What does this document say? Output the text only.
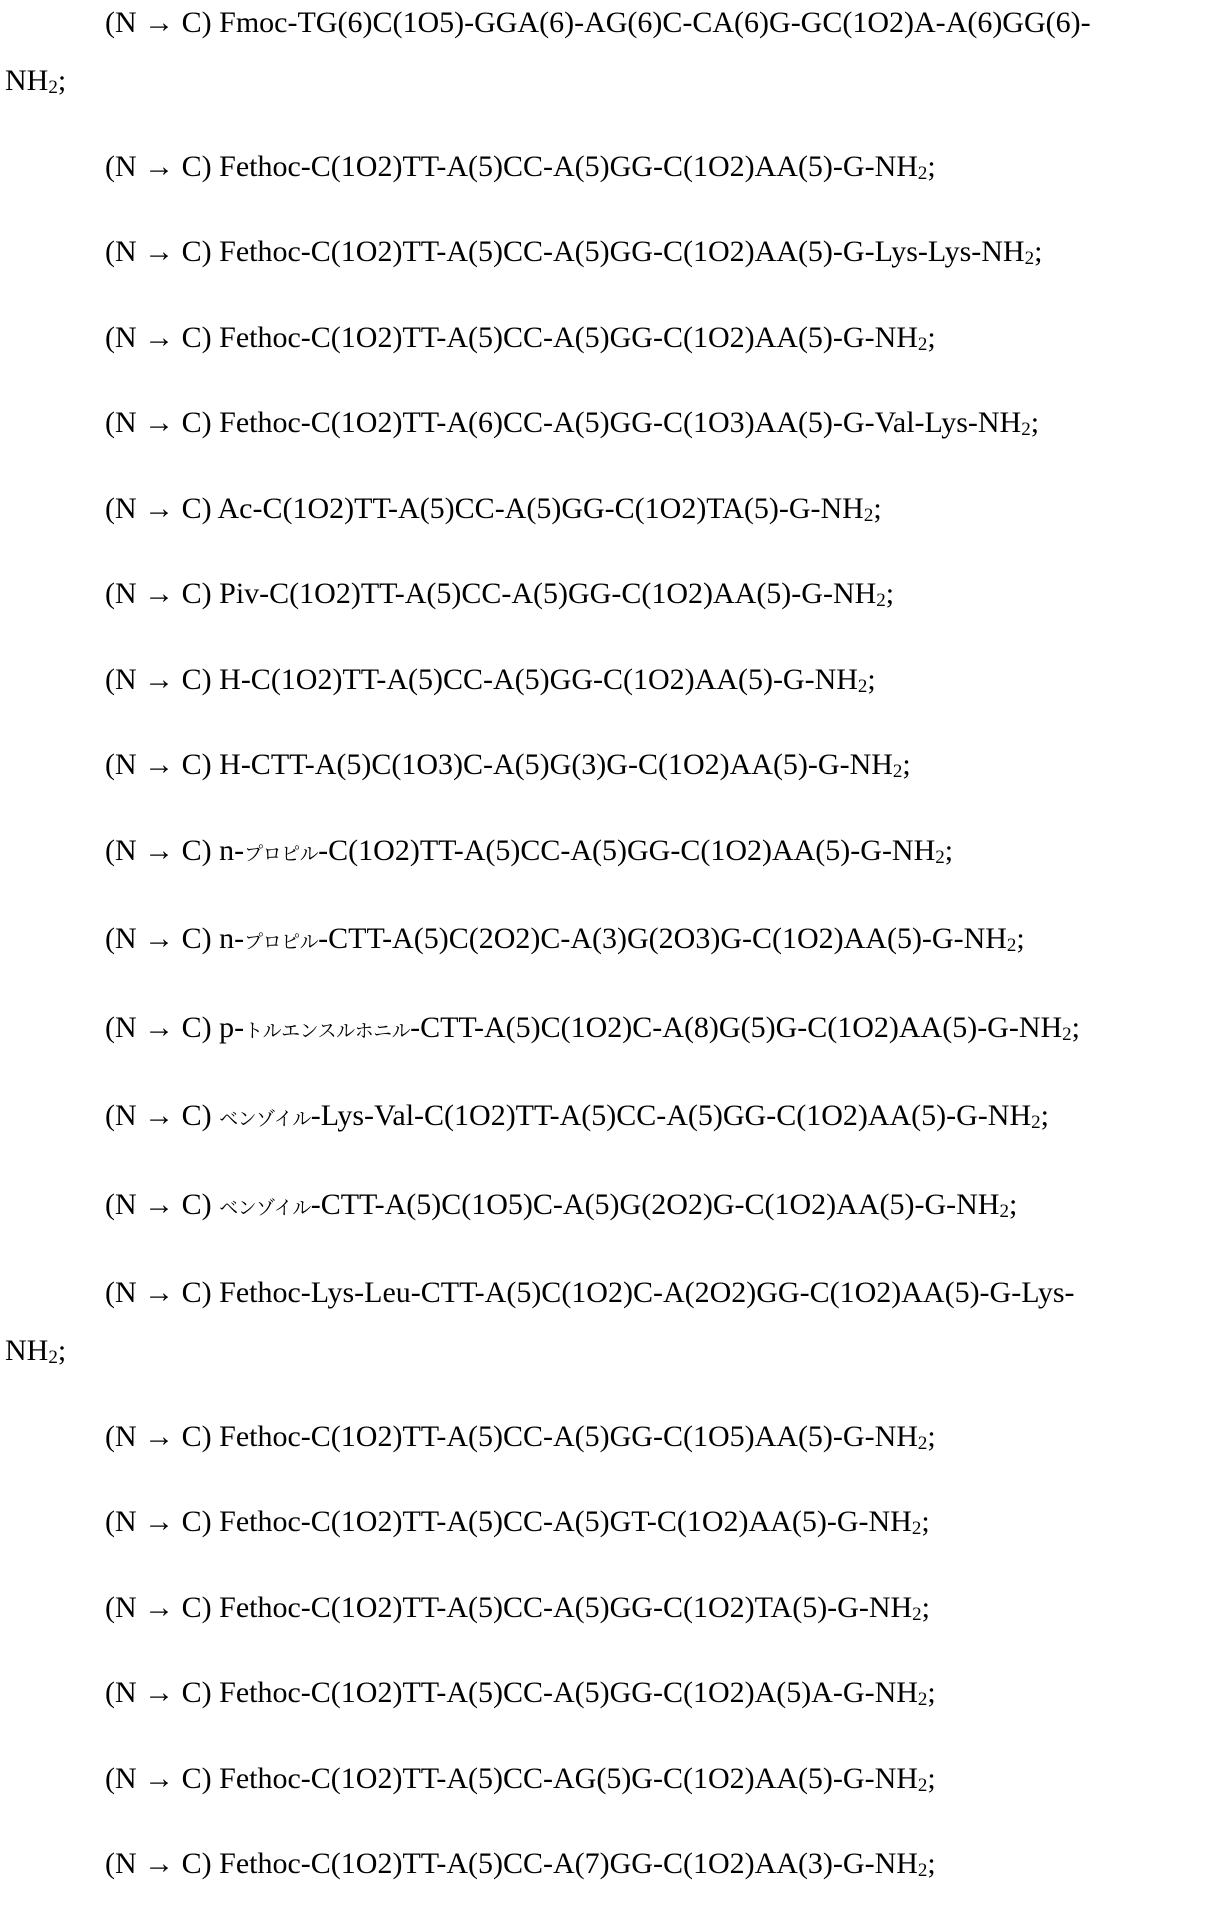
(N → C) Fmoc-TG(6)C(1O5)-GGA(6)-AG(6)C-CA(6)G-GC(1O2)A-A(6)GG(6)-
$NH_2$;

(N → C) Fethoc-$C(1O2)TT-A(5)CC-A(5)GG-C(1O2)AA(5)-G-NH_2$;

(N → C) Fethoc-$C(1O2)TT-A(5)CC-A(5)GG-C(1O2)AA(5)-G-Lys-Lys-NH_2$;

(N → C) Fethoc-$C(1O2)TT-A(5)CC-A(5)GG-C(1O2)AA(5)-G-NH_2$;

(N → C) Fethoc-$C(1O2)TT-A(6)CC-A(5)GG-C(1O3)AA(5)-G-Val-Lys-NH_2$;

(N → C) $Ac-C(1O2)TT-A(5)CC-A(5)GG-C(1O2)TA(5)-G-NH_2$;

(N → C) Piv-$C(1O2)TT-A(5)CC-A(5)GG-C(1O2)AA(5)-G-NH_2$;

(N → C) $H-C(1O2)TT-A(5)CC-A(5)GG-C(1O2)AA(5)-G-NH_2$;

(N → C) $H-CTT-A(5)C(1O3)C-A(5)G(3)G-C(1O2)AA(5)-G-NH_2$;

(N → C) n-プロピル$-C(1O2)TT-A(5)CC-A(5)GG-C(1O2)AA(5)-G-NH_2$;

(N → C) n-プロピル$-CTT-A(5)C(2O2)C-A(3)G(2O3)G-C(1O2)AA(5)-G-NH_2$;

(N → C) p-トルエンスルホニル$-CTT-A(5)C(1O2)C-A(8)G(5)G-C(1O2)AA(5)-G-NH_2$;

(N → C) ベンゾイル$-Lys-Val-C(1O2)TT-A(5)CC-A(5)GG-C(1O2)AA(5)-G-NH_2$;

(N → C) ベンゾイル$-CTT-A(5)C(1O5)C-A(5)G(2O2)G-C(1O2)AA(5)-G-NH_2$;

(N → C) Fethoc-Lys-Leu-CTT-A(5)C(1O2)C-A(2O2)GG-C(1O2)AA(5)-G-Lys-
$NH_2$;

(N → C) Fethoc-$C(1O2)TT-A(5)CC-A(5)GG-C(1O5)AA(5)-G-NH_2$;

(N → C) Fethoc-$C(1O2)TT-A(5)CC-A(5)GT-C(1O2)AA(5)-G-NH_2$;

(N → C) Fethoc-$C(1O2)TT-A(5)CC-A(5)GG-C(1O2)TA(5)-G-NH_2$;

(N → C) Fethoc-$C(1O2)TT-A(5)CC-A(5)GG-C(1O2)A(5)A-G-NH_2$;

(N → C) Fethoc-$C(1O2)TT-A(5)CC-AG(5)G-C(1O2)AA(5)-G-NH_2$;

(N → C) Fethoc-$C(1O2)TT-A(5)CC-A(7)GG-C(1O2)AA(3)-G-NH_2$;
